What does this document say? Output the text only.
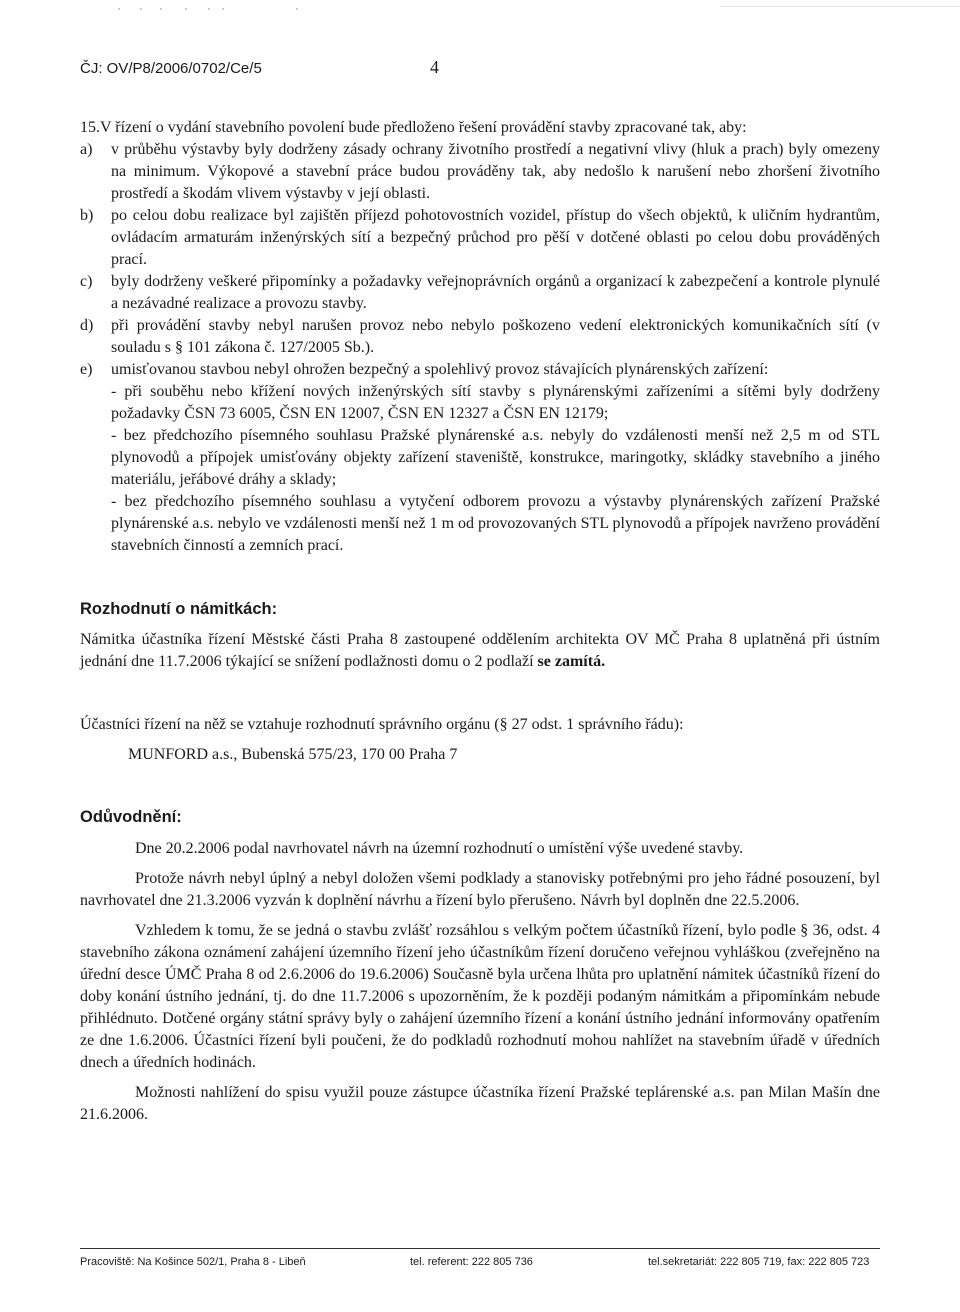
ČJ: OV/P8/2006/0702/Ce/5	4

15.V řízení o vydání stavebního povolení bude předloženo řešení provádění stavby zpracované tak, aby:

a) v průběhu výstavby byly dodrženy zásady ochrany životního prostředí a negativní vlivy (hluk a prach) byly omezeny na minimum. Výkopové a stavební práce budou prováděny tak, aby nedošlo k narušení nebo zhoršení životního prostředí a škodám vlivem výstavby v její oblasti.
b) po celou dobu realizace byl zajištěn příjezd pohotovostních vozidel, přístup do všech objektů, k uličním hydrantům, ovládacím armaturám inženýrských sítí a bezpečný průchod pro pěší v dotčené oblasti po celou dobu prováděných prací.
c) byly dodrženy veškeré připomínky a požadavky veřejnoprávních orgánů a organizací k zabezpečení a kontrole plynulé a nezávadné realizace a provozu stavby.
d) při provádění stavby nebyl narušen provoz nebo nebylo poškozeno vedení elektronických komunikačních sítí (v souladu s § 101 zákona č. 127/2005 Sb.).
e) umisťovanou stavbou nebyl ohrožen bezpečný a spolehlivý provoz stávajících plynárenských zařízení:

- při souběhu nebo křížení nových inženýrských sítí stavby s plynárenskými zařízeními a sítěmi byly dodrženy požadavky ČSN 73 6005, ČSN EN 12007, ČSN EN 12327 a ČSN EN 12179;

- bez předchozího písemného souhlasu Pražské plynárenské a.s. nebyly do vzdálenosti menší než 2,5 m od STL plynovodů a přípojek umisťovány objekty zařízení staveniště, konstrukce, maringotky, skládky stavebního a jiného materiálu, jeřábové dráhy a sklady;

- bez předchozího písemného souhlasu a vytyčení odborem provozu a výstavby plynárenských zařízení Pražské plynárenské a.s. nebylo ve vzdálenosti menší než 1 m od provozovaných STL plynovodů a přípojek navrženo provádění stavebních činností a zemních prací.

Rozhodnutí o námitkách:

Námitka účastníka řízení Městské části Praha 8 zastoupené oddělením architekta OV MČ Praha 8 uplatněná při ústním jednání dne 11.7.2006 týkající se snížení podlažnosti domu o 2 podlaží se zamítá.

Účastníci řízení na něž se vztahuje rozhodnutí správního orgánu (§ 27 odst. 1 správního řádu):

MUNFORD a.s., Bubenská 575/23, 170 00 Praha 7

Odůvodnění:

Dne 20.2.2006 podal navrhovatel návrh na územní rozhodnutí o umístění výše uvedené stavby.

Protože návrh nebyl úplný a nebyl doložen všemi podklady a stanovisky potřebnými pro jeho řádné posouzení, byl navrhovatel dne 21.3.2006 vyzván k doplnění návrhu a řízení bylo přerušeno. Návrh byl doplněn dne 22.5.2006.

Vzhledem k tomu, že se jedná o stavbu zvlášť rozsáhlou s velkým počtem účastníků řízení, bylo podle § 36, odst. 4 stavebního zákona oznámení zahájení územního řízení jeho účastníkům řízení doručeno veřejnou vyhláškou (zveřejněno na úřední desce ÚMČ Praha 8 od 2.6.2006 do 19.6.2006) Současně byla určena lhůta pro uplatnění námitek účastníků řízení do doby konání ústního jednání, tj. do dne 11.7.2006 s upozorněním, že k později podaným námitkám a připomínkám nebude přihlédnuto. Dotčené orgány státní správy byly o zahájení územního řízení a konání ústního jednání informovány opatřením ze dne 1.6.2006. Účastníci řízení byli poučeni, že do podkladů rozhodnutí mohou nahlížet na stavebním úřadě v úředních dnech a úředních hodinách.

Možnosti nahlížení do spisu využil pouze zástupce účastníka řízení Pražské teplárenské a.s. pan Milan Mašín dne 21.6.2006.

Pracoviště: Na Košince 502/1, Praha 8 - Libeň	tel. referent: 222 805 736	tel.sekretariát: 222 805 719, fax: 222 805 723
